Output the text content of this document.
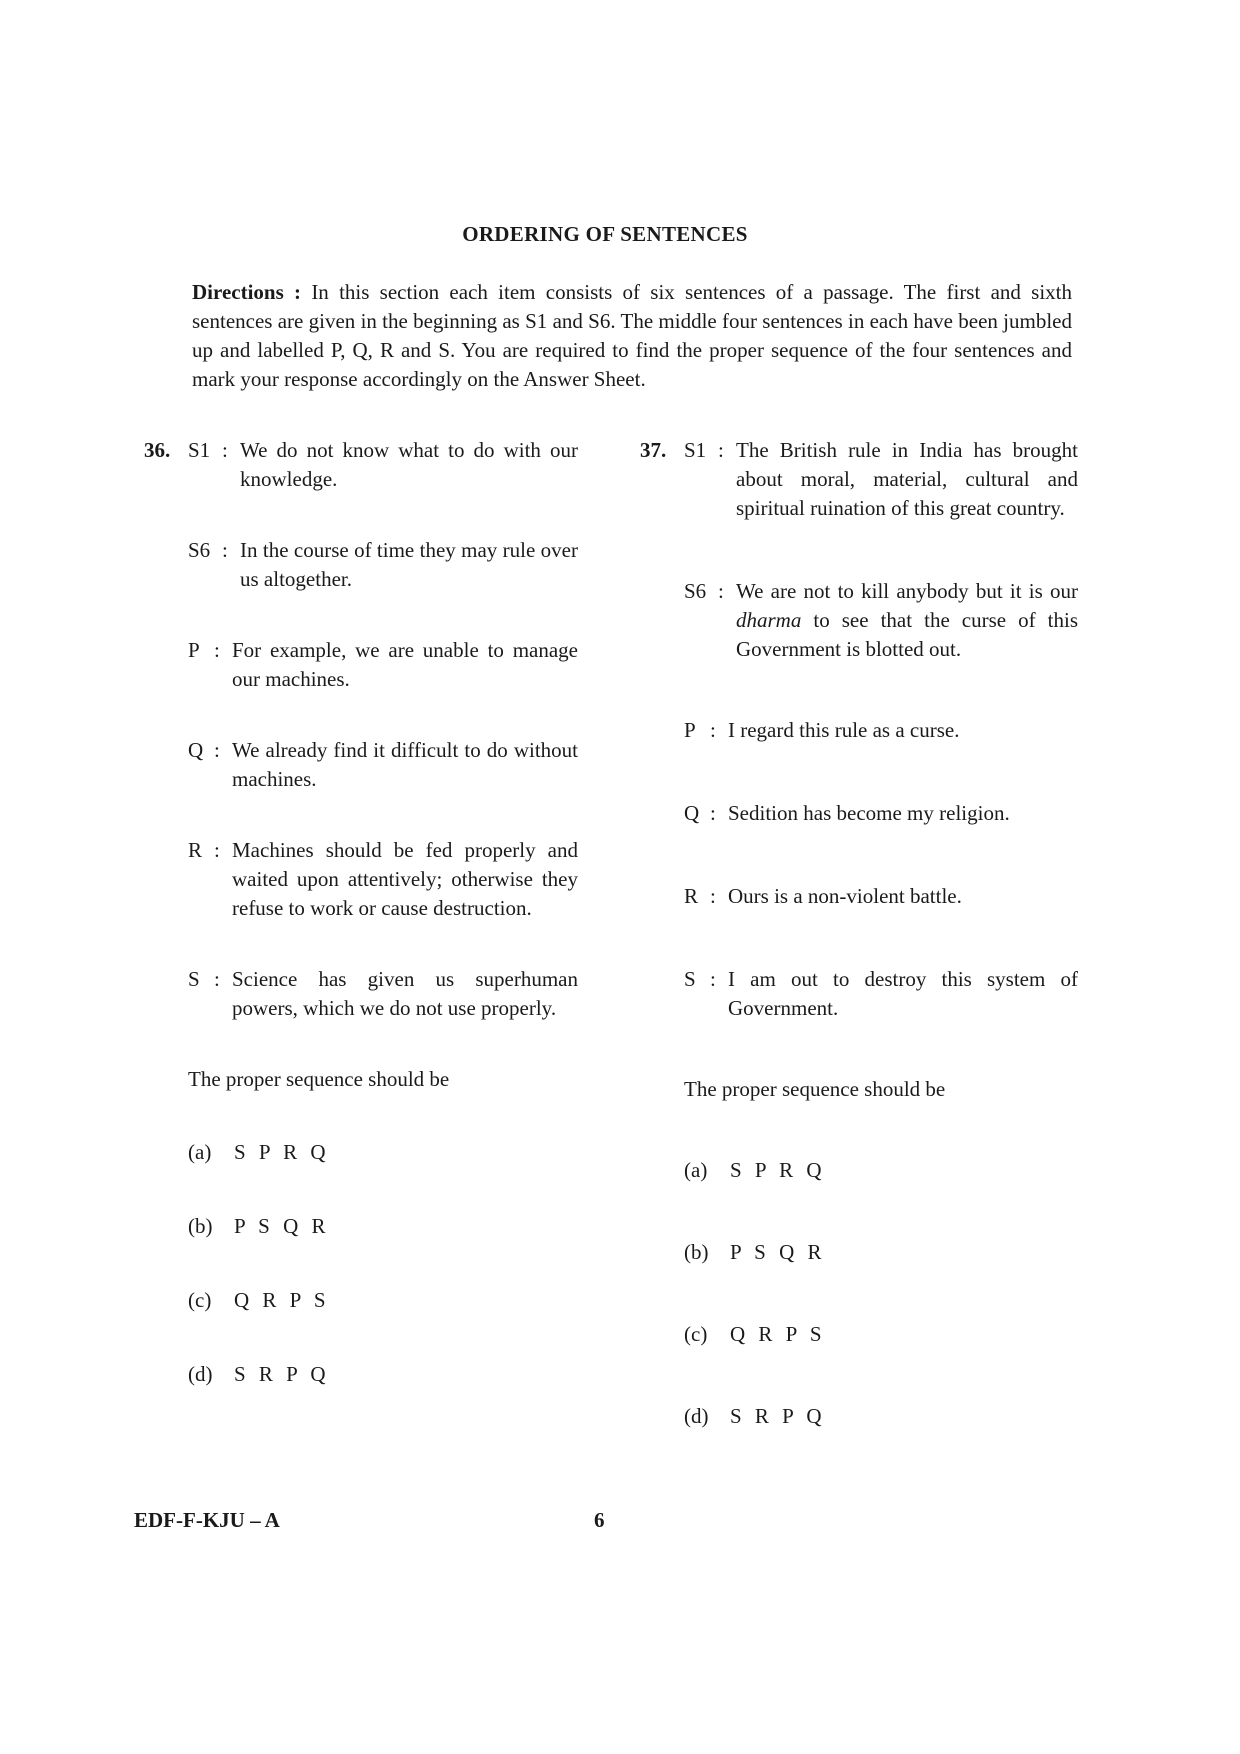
ORDERING OF SENTENCES
Directions : In this section each item consists of six sentences of a passage. The first and sixth sentences are given in the beginning as S1 and S6. The middle four sentences in each have been jumbled up and labelled P, Q, R and S. You are required to find the proper sequence of the four sentences and mark your response accordingly on the Answer Sheet.
36. S1 : We do not know what to do with our knowledge.
S6 : In the course of time they may rule over us altogether.
P : For example, we are unable to manage our machines.
Q : We already find it difficult to do without machines.
R : Machines should be fed properly and waited upon attentively; otherwise they refuse to work or cause destruction.
S : Science has given us superhuman powers, which we do not use properly.
The proper sequence should be
(a)	S P R Q
(b)	P S Q R
(c)	Q R P S
(d)	S R P Q
37. S1 : The British rule in India has brought about moral, material, cultural and spiritual ruination of this great country.
S6 : We are not to kill anybody but it is our dharma to see that the curse of this Government is blotted out.
P : I regard this rule as a curse.
Q : Sedition has become my religion.
R : Ours is a non-violent battle.
S : I am out to destroy this system of Government.
The proper sequence should be
(a)	S P R Q
(b)	P S Q R
(c)	Q R P S
(d)	S R P Q
EDF-F-KJU – A	6
